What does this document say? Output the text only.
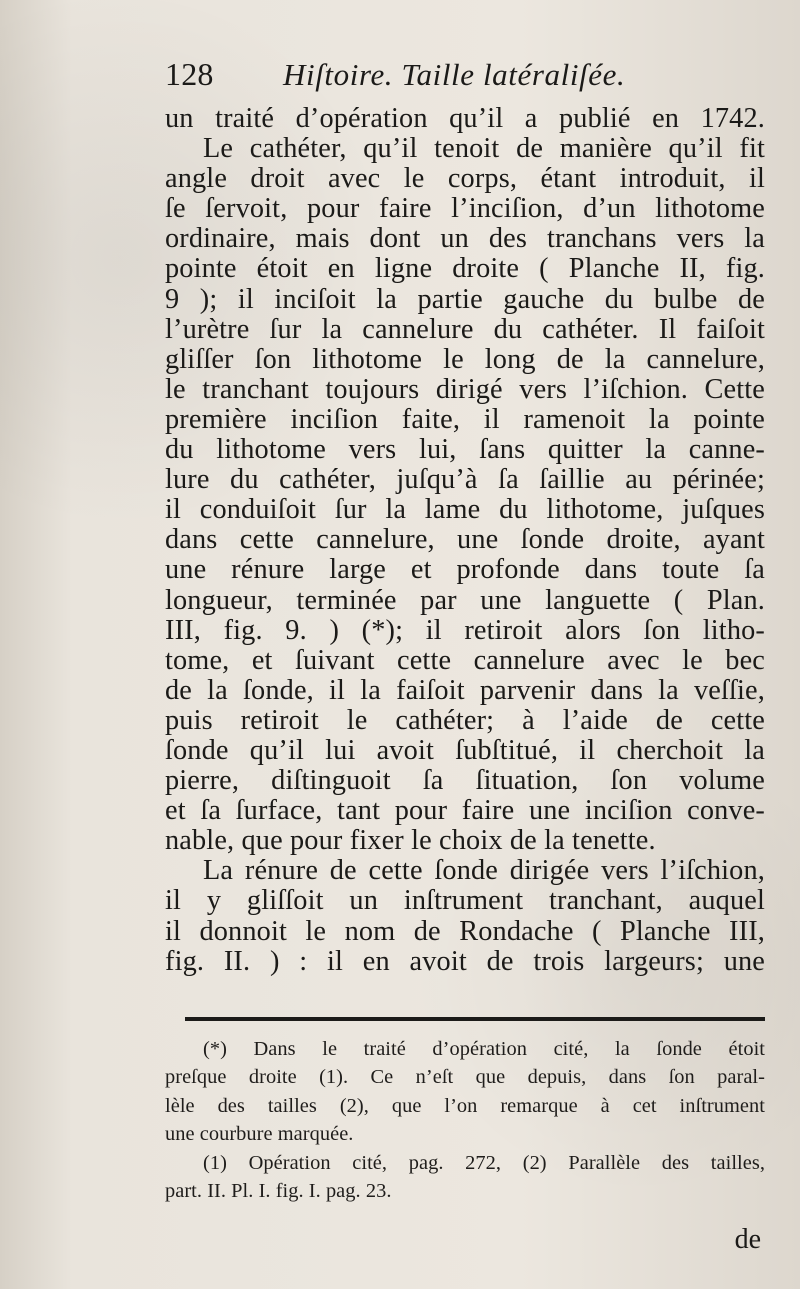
128	Hiſtoire. Taille latéraliſée.
un traité d’opération qu’il a publié en 1742.
Le cathéter, qu’il tenoit de manière qu’il fit
angle droit avec le corps, étant introduit, il
ſe ſervoit, pour faire l’inciſion, d’un lithotome
ordinaire, mais dont un des tranchans vers la
pointe étoit en ligne droite ( Planche II, fig.
9 ); il inciſoit la partie gauche du bulbe de
l’urètre ſur la cannelure du cathéter. Il faiſoit
gliſſer ſon lithotome le long de la cannelure,
le tranchant toujours dirigé vers l’iſchion. Cette
première inciſion faite, il ramenoit la pointe
du lithotome vers lui, ſans quitter la canne-
lure du cathéter, juſqu’à ſa ſaillie au périnée;
il conduiſoit ſur la lame du lithotome, juſques
dans cette cannelure, une ſonde droite, ayant
une rénure large et profonde dans toute ſa
longueur, terminée par une languette ( Plan.
III, fig. 9. ) (*); il retiroit alors ſon litho-
tome, et ſuivant cette cannelure avec le bec
de la ſonde, il la faiſoit parvenir dans la veſſie,
puis retiroit le cathéter; à l’aide de cette
ſonde qu’il lui avoit ſubſtitué, il cherchoit la
pierre, diſtinguoit ſa ſituation, ſon volume
et ſa ſurface, tant pour faire une inciſion conve-
nable, que pour fixer le choix de la tenette.
La rénure de cette ſonde dirigée vers l’iſchion,
il y gliſſoit un inſtrument tranchant, auquel
il donnoit le nom de Rondache ( Planche III,
fig. II. ) : il en avoit de trois largeurs; une
(*) Dans le traité d’opération cité, la ſonde étoit
preſque droite (1). Ce n’eſt que depuis, dans ſon paral-
lèle des tailles (2), que l’on remarque à cet inſtrument
une courbure marquée.
(1) Opération cité, pag. 272, (2) Parallèle des tailles,
part. II. Pl. I. fig. I. pag. 23.
de
